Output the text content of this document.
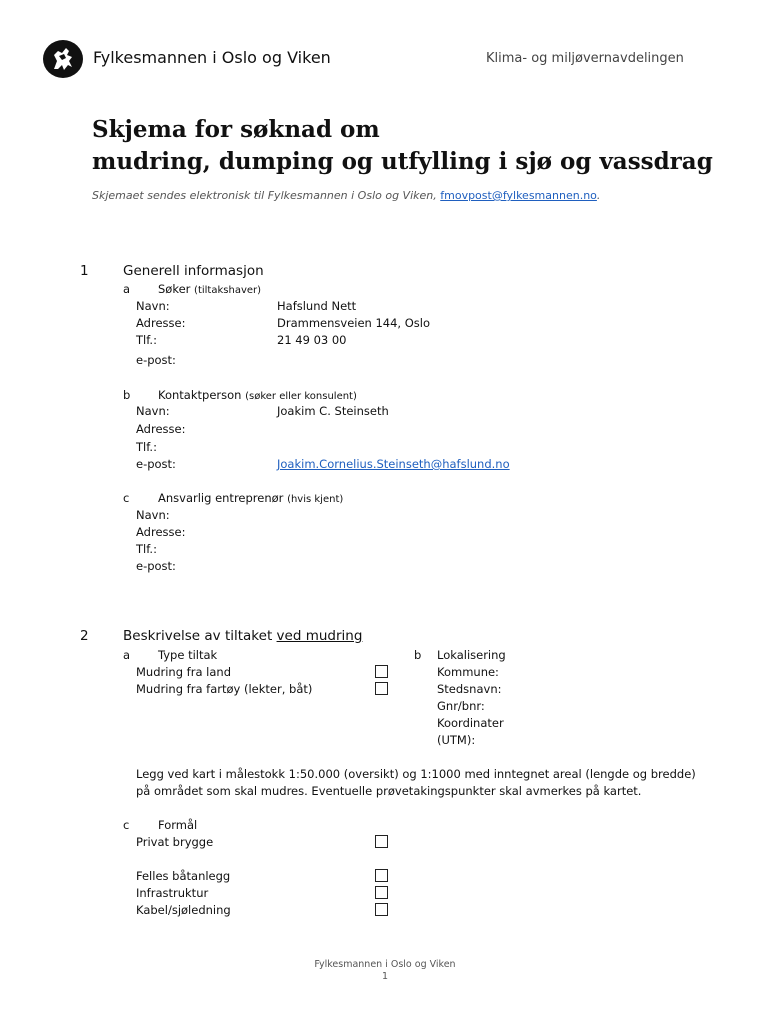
Fylkesmannen i Oslo og Viken	Klima- og miljøvernavdelingen
Skjema for søknad om
mudring, dumping og utfylling i sjø og vassdrag
Skjemaet sendes elektronisk til Fylkesmannen i Oslo og Viken, fmovpost@fylkesmannen.no.
1	Generell informasjon
a Søker (tiltakshaver)
Navn:	Hafslund Nett
Adresse:	Drammensveien 144, Oslo
Tlf.:	21 49 03 00
e-post:
b Kontaktperson (søker eller konsulent)
Navn:	Joakim C. Steinseth
Adresse:
Tlf.:
e-post:	Joakim.Cornelius.Steinseth@hafslund.no
c Ansvarlig entreprenør (hvis kjent)
Navn:
Adresse:
Tlf.:
e-post:
2	Beskrivelse av tiltaket ved mudring
a Type tiltak
Mudring fra land
Mudring fra fartøy (lekter, båt)
b Lokalisering
Kommune:
Stedsnavn:
Gnr/bnr:
Koordinater
(UTM):
Legg ved kart i målestokk 1:50.000 (oversikt) og 1:1000 med inntegnet areal (lengde og bredde)
på området som skal mudres. Eventuelle prøvetakingspunkter skal avmerkes på kartet.
c Formål
Privat brygge
Felles båtanlegg
Infrastruktur
Kabel/sjøledning
Fylkesmannen i Oslo og Viken
1
